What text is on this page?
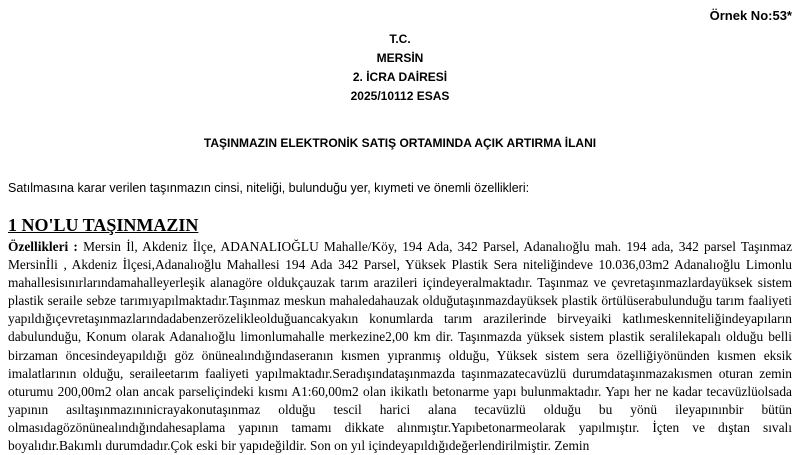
Örnek No:53*
T.C.
MERSİN
2. İCRA DAİRESİ
2025/10112 ESAS
TAŞINMAZIN ELEKTRONİK SATIŞ ORTAMINDA AÇIK ARTIRMA İLANI
Satılmasına karar verilen taşınmazın cinsi, niteliği, bulunduğu yer, kıymeti ve önemli özellikleri:
1 NO'LU TAŞINMAZIN

Özellikleri : Mersin İl, Akdeniz İlçe, ADANALIOĞLU Mahalle/Köy, 194 Ada, 342 Parsel, Adanalıoğlu mah. 194 ada, 342 parsel Taşınmaz Mersinİli , Akdeniz İlçesi,Adanalıoğlu Mahallesi 194 Ada 342 Parsel, Yüksek Plastik Sera niteliğindeve 10.036,03m2 Adanalıoğlu Limonlu mahallesisınırlarındamahalleyerleşik alanagöre oldukçauzak tarım arazileri içindeyeralmaktadır. Taşınmaz ve çevretaşınmazlardayüksek sistem plastik seraile sebze tarımıyapılmaktadır.Taşınmaz meskun mahaledahauzak olduğutaşınmazdayüksek plastik örtülüserabulunduğu tarım faaliyeti yapıldığıçevretaşınmazlarındadabenzerözelikleolduğuancakyakın konumlarda tarım arazilerinde birveyaiki katlımeskenniteliğindeyapıların dabulunduğu, Konum olarak Adanalıoğlu limonlumahalle merkezine2,00 km dir. Taşınmazda yüksek sistem plastik seralilekapalı olduğu belli birzaman öncesindeyapıldığı göz önünealındığındaseranın kısmen yıpranmış olduğu, Yüksek sistem sera özelliğiyönünden kısmen eksik imalatlarının olduğu, seraileetarım faaliyeti yapılmaktadır.Seradışındataşınmazda taşınmazatecavüzlü durumdataşınmazakısmen oturan zemin oturumu 200,00m2 olan ancak parseliçindeki kısmı A1:60,00m2 olan ikikatlı betonarme yapı bulunmaktadır. Yapı her ne kadar tecavüzlüolsada yapının asıltaşınmazınınicrayakonutaşınmaz olduğu tescil harici alana tecavüzlü olduğu bu yönü ileyapınınbir bütün olmasıdagözönünealındığındahesaplama yapının tamamı dikkate alınmıştır.Yapıbetonarmeolarak yapılmıştır. İçten ve dıştan sıvalı boyalıdır.Bakımlı durumdadır.Çok eski bir yapıdeğildir. Son on yıl içindeyapıldığıdeğerlendirilmiştir. Zemin
